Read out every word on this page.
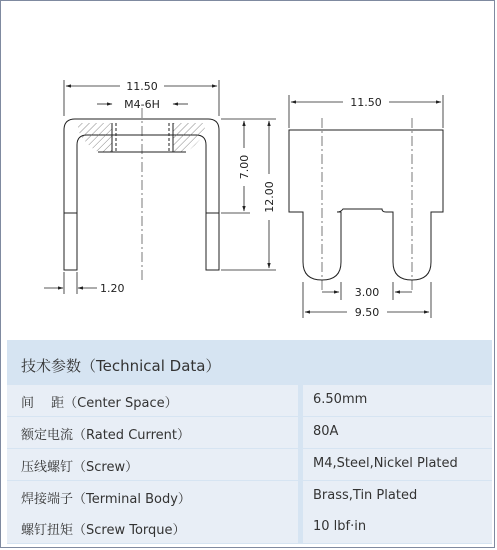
11.50
M4-6H
7.00
12.00
1.20
11.50
3.00
9.50
技术参数（Technical Data）
间　 距（Center Space）	6.50mm
额定电流（Rated Current）	80A
压线螺钉（Screw）	M4,Steel,Nickel Plated
焊接端子（Terminal Body）	Brass,Tin Plated
螺钉扭矩（Screw Torque）	10 lbf·in
